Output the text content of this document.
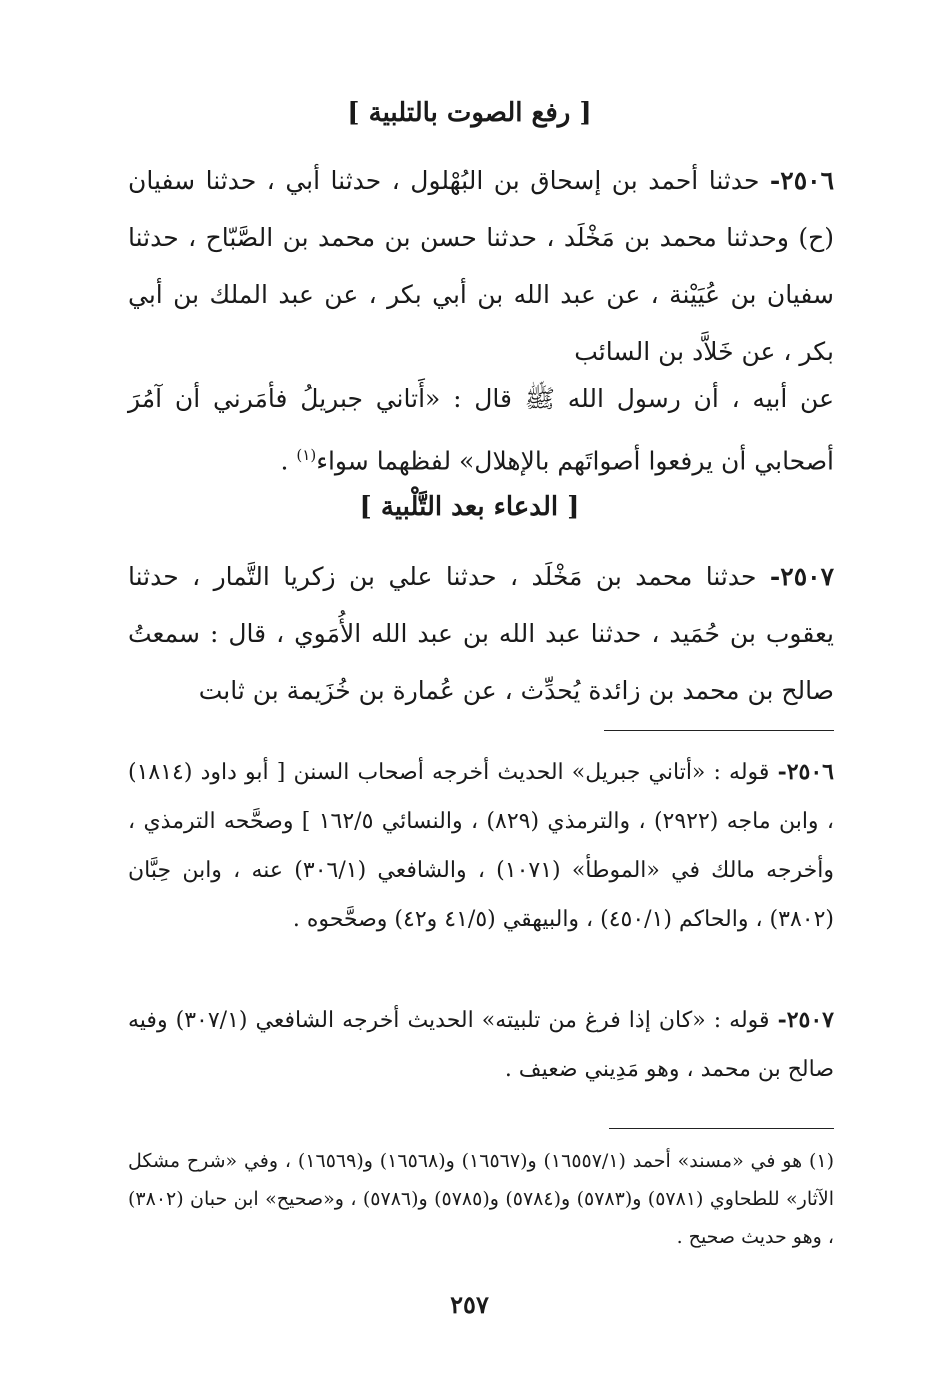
[ رفع الصوت بالتلبية ]

٢٥٠٦- حدثنا أحمد بن إسحاق بن البُهْلول ، حدثنا أبي ، حدثنا سفيان (ح) وحدثنا محمد بن مَخْلَد ، حدثنا حسن بن محمد بن الصَّبّاح ، حدثنا سفيان بن عُيَيْنة ، عن عبد الله بن أبي بكر ، عن عبد الملك بن أبي بكر ، عن خَلاَّد بن السائب

عن أبيه ، أن رسول الله ﷺ قال : «أَتاني جبريلُ فأمَرني أن آمُرَ أصحابي أن يرفعوا أصواتَهم بالإهلال» لفظهما سواء$^{(١)}$ .

[ الدعاء بعد التَّلْبية ]

٢٥٠٧- حدثنا محمد بن مَخْلَد ، حدثنا علي بن زكريا التَّمار ، حدثنا يعقوب بن حُمَيد ، حدثنا عبد الله بن عبد الله الأُمَوي ، قال : سمعتُ صالح بن محمد بن زائدة يُحدِّث ، عن عُمارة بن خُزَيمة بن ثابت

٢٥٠٦- قوله : «أتاني جبريل» الحديث أخرجه أصحاب السنن [ أبو داود (١٨١٤) ، وابن ماجه (٢٩٢٢) ، والترمذي (٨٢٩) ، والنسائي ١٦٢/٥ ] وصحَّحه الترمذي ، وأخرجه مالك في «الموطأ» (١٠٧١) ، والشافعي (٣٠٦/١) عنه ، وابن حِبَّان (٣٨٠٢) ، والحاكم (٤٥٠/١) ، والبيهقي (٤١/٥ و٤٢) وصحَّحوه .

٢٥٠٧- قوله : «كان إذا فرغ من تلبيته» الحديث أخرجه الشافعي (٣٠٧/١) وفيه صالح بن محمد ، وهو مَدِيني ضعيف .

(١) هو في «مسند» أحمد (١٦٥٥٧/١) و(١٦٥٦٧) و(١٦٥٦٨) و(١٦٥٦٩) ، وفي «شرح مشكل الآثار» للطحاوي (٥٧٨١) و(٥٧٨٣) و(٥٧٨٤) و(٥٧٨٥) و(٥٧٨٦) ، و«صحيح» ابن حبان (٣٨٠٢) ، وهو حديث صحيح .

٢٥٧
